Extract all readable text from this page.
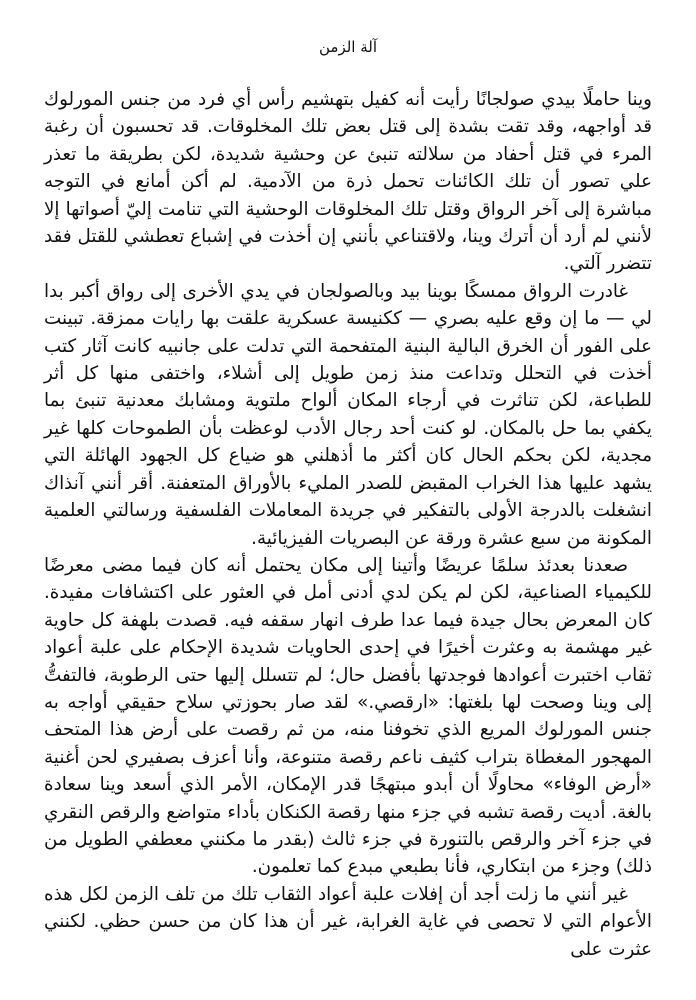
آلة الزمن

وينا حاملًا بيدي صولجانًا رأيت أنه كفيل بتهشيم رأس أي فرد من جنس المورلوك قد أواجهه، وقد تقت بشدة إلى قتل بعض تلك المخلوقات. قد تحسبون أن رغبة المرء في قتل أحفاد من سلالته تنبئ عن وحشية شديدة، لكن بطريقة ما تعذر علي تصور أن تلك الكائنات تحمل ذرة من الآدمية. لم أكن أمانع في التوجه مباشرة إلى آخر الرواق وقتل تلك المخلوقات الوحشية التي تنامت إليّ أصواتها إلا لأنني لم أرد أن أترك وينا، ولاقتناعي بأنني إن أخذت في إشباع تعطشي للقتل فقد تتضرر آلتي.

غادرت الرواق ممسكًا بوينا بيد وبالصولجان في يدي الأخرى إلى رواق أكبر بدا لي — ما إن وقع عليه بصري — ككنيسة عسكرية علقت بها رايات ممزقة. تبينت على الفور أن الخرق البالية البنية المتفحمة التي تدلت على جانبيه كانت آثار كتب أخذت في التحلل وتداعت منذ زمن طويل إلى أشلاء، واختفى منها كل أثر للطباعة، لكن تناثرت في أرجاء المكان ألواح ملتوية ومشابك معدنية تنبئ بما يكفي بما حل بالمكان. لو كنت أحد رجال الأدب لوعظت بأن الطموحات كلها غير مجدية، لكن بحكم الحال كان أكثر ما أذهلني هو ضياع كل الجهود الهائلة التي يشهد عليها هذا الخراب المقبض للصدر المليء بالأوراق المتعفنة. أقر أنني آنذاك انشغلت بالدرجة الأولى بالتفكير في جريدة المعاملات الفلسفية ورسالتي العلمية المكونة من سبع عشرة ورقة عن البصريات الفيزيائية.

صعدنا بعدئذ سلمًا عريضًا وأتينا إلى مكان يحتمل أنه كان فيما مضى معرضًا للكيمياء الصناعية، لكن لم يكن لدي أدنى أمل في العثور على اكتشافات مفيدة. كان المعرض بحال جيدة فيما عدا طرف انهار سقفه فيه. قصدت بلهفة كل حاوية غير مهشمة به وعثرت أخيرًا في إحدى الحاويات شديدة الإحكام على علبة أعواد ثقاب اختبرت أعوادها فوجدتها بأفضل حال؛ لم تتسلل إليها حتى الرطوبة، فالتفتُّ إلى وينا وصحت لها بلغتها: «ارقصي.» لقد صار بحوزتي سلاح حقيقي أواجه به جنس المورلوك المريع الذي تخوفنا منه، من ثم رقصت على أرض هذا المتحف المهجور المغطاة بتراب كثيف ناعم رقصة متنوعة، وأنا أعزف بصفيري لحن أغنية «أرض الوفاء» محاولًا أن أبدو مبتهجًا قدر الإمكان، الأمر الذي أسعد وينا سعادة بالغة. أديت رقصة تشبه في جزء منها رقصة الكنكان بأداء متواضع والرقص النقري في جزء آخر والرقص بالتنورة في جزء ثالث (بقدر ما مكنني معطفي الطويل من ذلك) وجزء من ابتكاري، فأنا بطبعي مبدع كما تعلمون.

غير أنني ما زلت أجد أن إفلات علبة أعواد الثقاب تلك من تلف الزمن لكل هذه الأعوام التي لا تحصى في غاية الغرابة، غير أن هذا كان من حسن حظي. لكنني عثرت على
